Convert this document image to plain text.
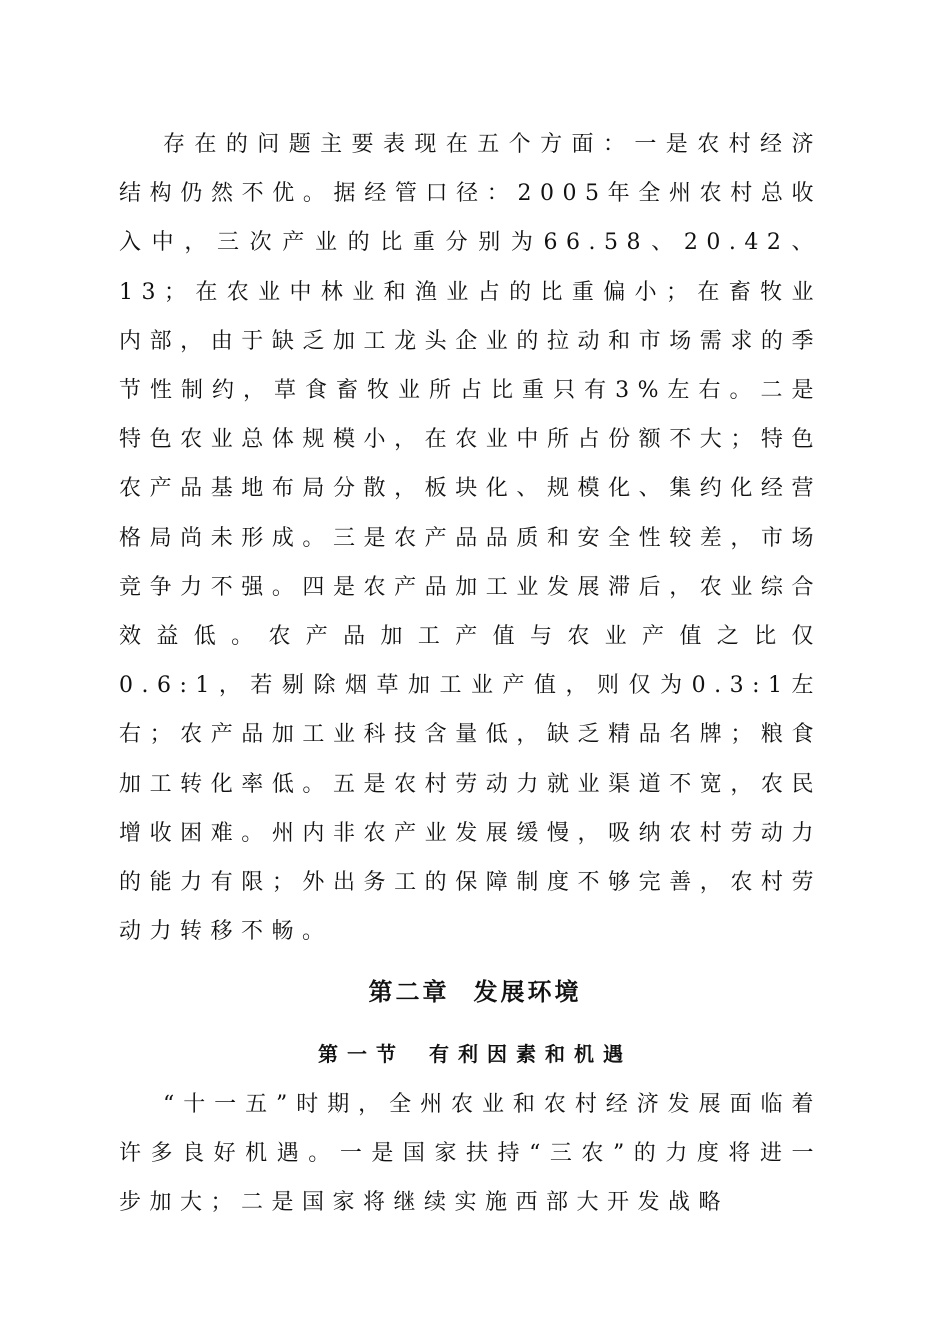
存在的问题主要表现在五个方面：一是农村经济结构仍然不优。据经管口径：2005年全州农村总收入中，三次产业的比重分别为66.58、20.42、13；在农业中林业和渔业占的比重偏小；在畜牧业内部，由于缺乏加工龙头企业的拉动和市场需求的季节性制约，草食畜牧业所占比重只有3%左右。二是特色农业总体规模小，在农业中所占份额不大；特色农产品基地布局分散，板块化、规模化、集约化经营格局尚未形成。三是农产品品质和安全性较差，市场竞争力不强。四是农产品加工业发展滞后，农业综合效益低。农产品加工产值与农业产值之比仅0.6:1，若剔除烟草加工业产值，则仅为0.3:1左右；农产品加工业科技含量低，缺乏精品名牌；粮食加工转化率低。五是农村劳动力就业渠道不宽，农民增收困难。州内非农产业发展缓慢，吸纳农村劳动力的能力有限；外出务工的保障制度不够完善，农村劳动力转移不畅。

第二章 发展环境
第一节 有利因素和机遇

“十一五”时期，全州农业和农村经济发展面临着许多良好机遇。一是国家扶持“三农”的力度将进一步加大；二是国家将继续实施西部大开发战略
